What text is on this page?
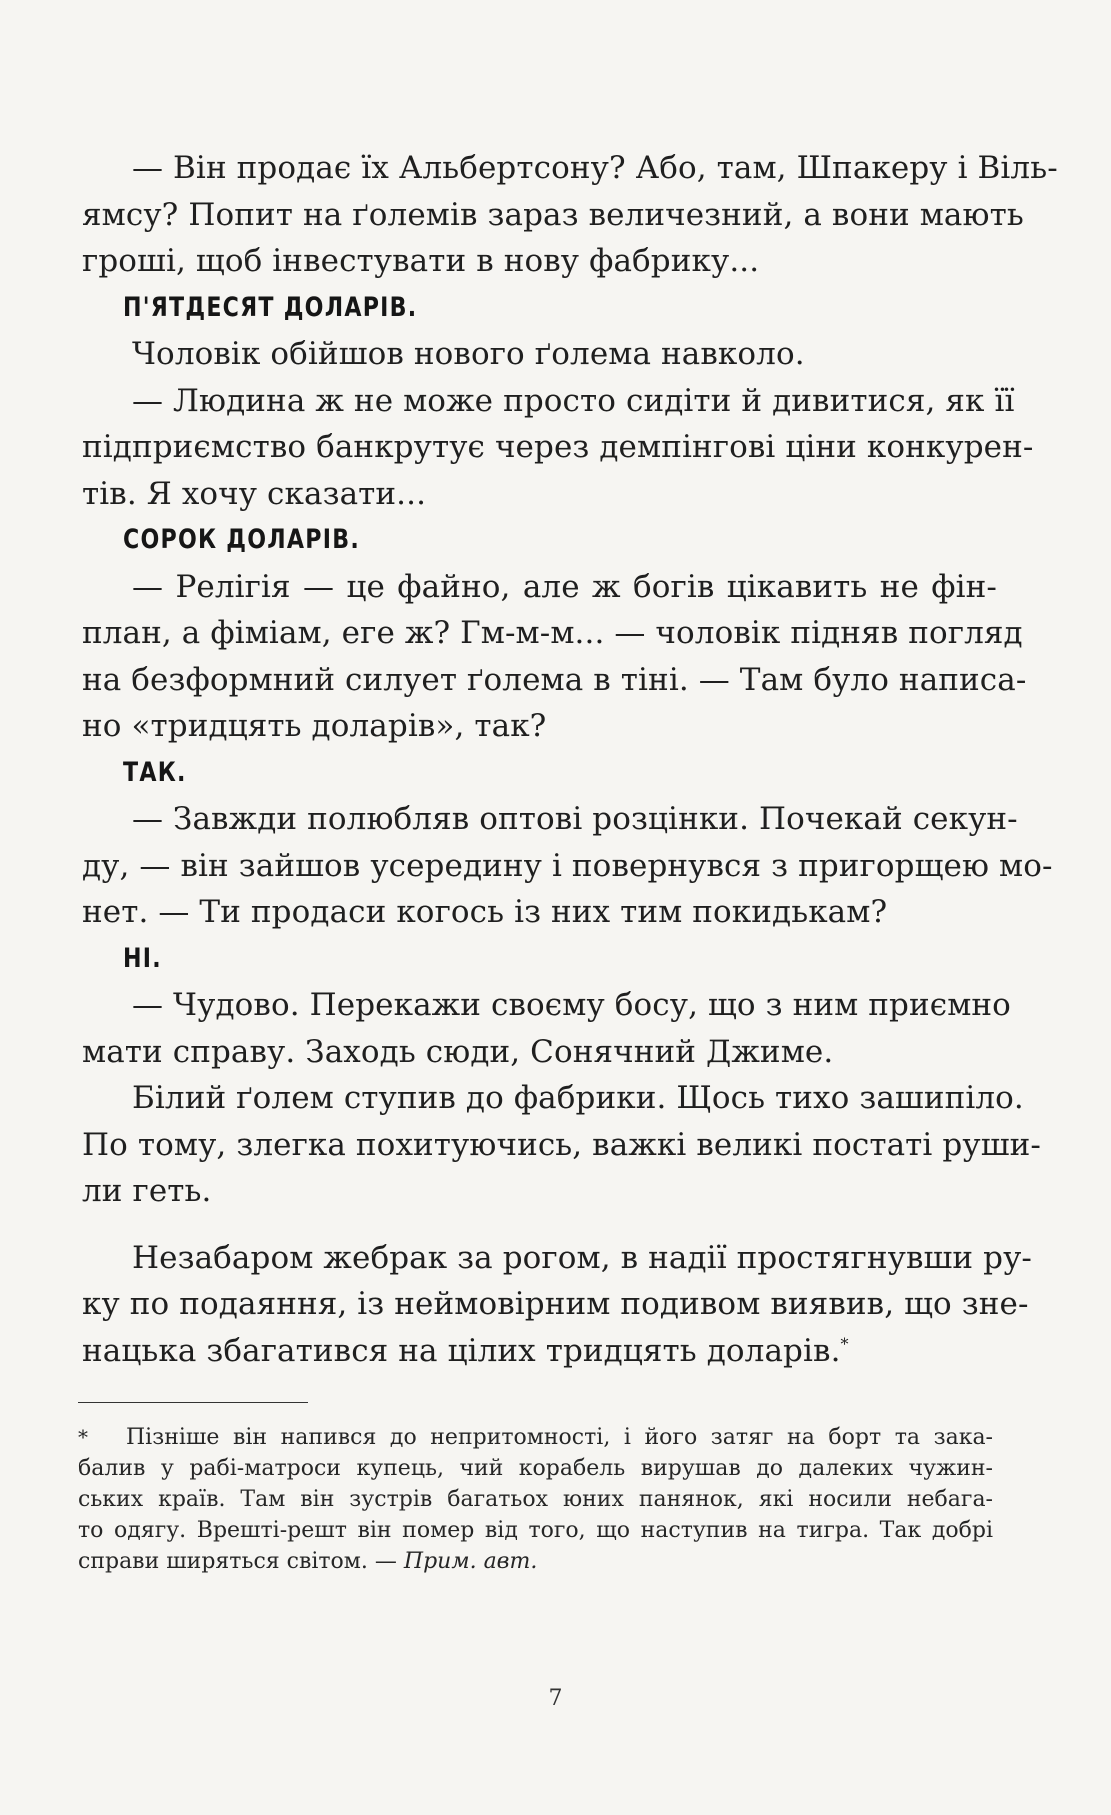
— Він продає їх Альбертсону? Або, там, Шпакеру і Віль-
ямсу? Попит на ґолемів зараз величезний, а вони мають
гроші, щоб інвестувати в нову фабрику...
П'ЯТДЕСЯТ ДОЛАРІВ.
Чоловік обійшов нового ґолема навколо.
— Людина ж не може просто сидіти й дивитися, як її
підприємство банкрутує через демпінгові ціни конкурен-
тів. Я хочу сказати...
СОРОК ДОЛАРІВ.
— Релігія — це файно, але ж богів цікавить не фін-
план, а фіміам, еге ж? Гм-м-м... — чоловік підняв погляд
на безформний силует ґолема в тіні. — Там було написа-
но «тридцять доларів», так?
ТАК.
— Завжди полюбляв оптові розцінки. Почекай секун-
ду, — він зайшов усередину і повернувся з пригорщею мо-
нет. — Ти продаси когось із них тим покидькам?
НІ.
— Чудово. Перекажи своєму босу, що з ним приємно
мати справу. Заходь сюди, Сонячний Джиме.
Білий ґолем ступив до фабрики. Щось тихо зашипіло.
По тому, злегка похитуючись, важкі великі постаті руши-
ли геть.
Незабаром жебрак за рогом, в надії простягнувши ру-
ку по подаяння, із неймовірним подивом виявив, що зне-
нацька збагатився на цілих тридцять доларів.*
* Пізніше він напився до непритомності, і його затяг на борт та зака-
балив у рабі-матроси купець, чий корабель вирушав до далеких чужин-
ських країв. Там він зустрів багатьох юних панянок, які носили небага-
то одягу. Врешті-решт він помер від того, що наступив на тигра. Так добрі
справи ширяться світом. — Прим. авт.
7
